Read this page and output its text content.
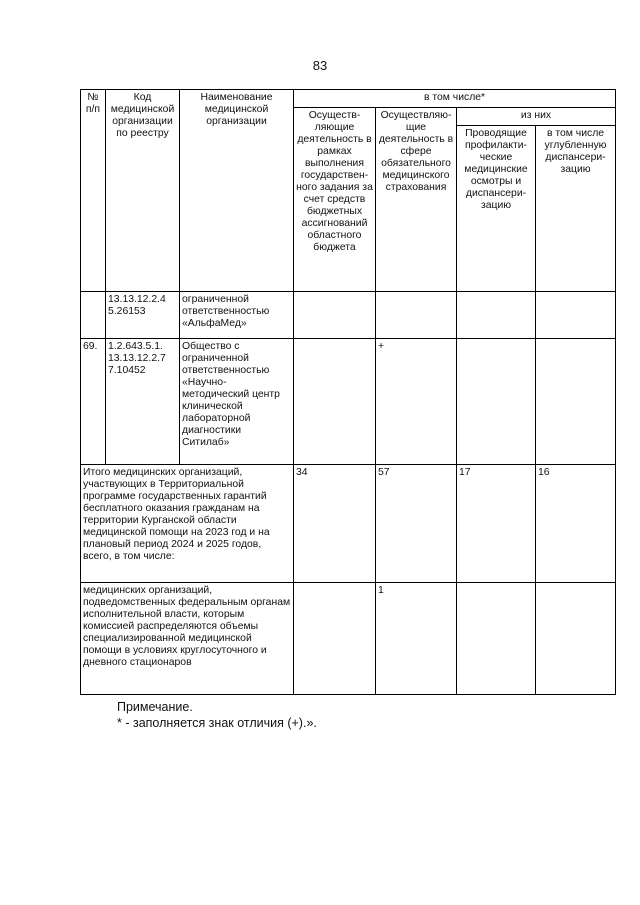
83
№ п/п	Код медицинской организации по реестру	Наименование медицинской организации	в том числе*			
			Осуществ-ляющие деятельность в рамках выполнения государствен-ного задания за счет средств бюджетных ассигнований областного бюджета	Осуществляю-щие деятельность в сфере обязательного медицинского страхования	из них	
					Проводящие профилакти-ческие медицинские осмотры и диспансери-зацию	в том числе углубленную диспансери-зацию
	13.13.12.2.4 5.26153	ограниченной ответственностью «АльфаМед»				
69.	1.2.643.5.1. 13.13.12.2.7 7.10452	Общество с ограниченной ответственностью «Научно-методический центр клинической лабораторной диагностики Ситилаб»		+		
Итого медицинских организаций, участвующих в Территориальной программе государственных гарантий бесплатного оказания гражданам на территории Курганской области медицинской помощи на 2023 год и на плановый период 2024 и 2025 годов, всего, в том числе:			34	57	17	16
медицинских организаций, подведомственных федеральным органам исполнительной власти, которым комиссией распределяются объемы специализированной медицинской помощи в условиях круглосуточного и дневного стационаров				1		
Примечание.
* - заполняется знак отличия (+).».
